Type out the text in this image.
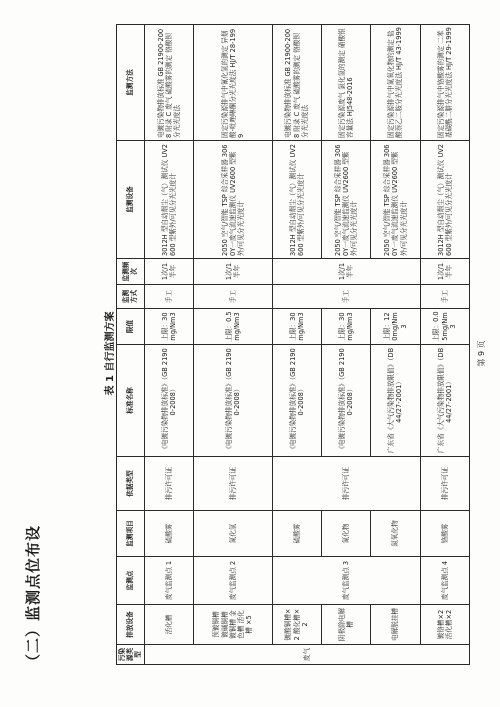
（二）监测点位布设
表 1 自行监测方案
污染源类型	排放设备	监测点	监测项目	依据类型	标准名称	限值	监测方式	监测频次	监测设备	监测方法
废气	活化槽	废气监测点 1	硫酸雾	排污许可证	《电镀污染物排放标准》（GB 21900-2008）	上限：30mg/Nm3	手工	1次/1半年	3012H 型自动烟尘（气）测试仪 UV2600 型紫外/可见分光光度计	电镀污染物排放标准 GB 21900-2008 附录 C 废气 硫酸雾的测定 铬酸钡分光光度法
	预镀铜槽 镀碱铜槽 镀铜槽 金色槽 活化槽 ×5	废气监测点 2	氮化氢	排污许可证	《电镀污染物排放标准》（GB 21900-2008）	上限：0.5mg/Nm3	手工	1次/1半年	2050 空气/智能 TSP 综合采样器 3060Y一废气流速监测仪 UV2600 型紫外/可见分光光度计	固定污染源排气中氰化氢的测定 异烟酸-吡唑啉酮分光光度法 HJ/T 28-1999
	镀酸铜槽×2 酸化槽×2	废气监测点 3	硫酸雾	排污许可证	《电镀污染物排放标准》（GB 21900-2008）	上限：30mg/Nm3	手工	1次/1半年	3012H 型自动烟尘（气）测试仪 UV2600 型紫外/可见分光光度计	电镀污染物排放标准 GB 21900-2008 附录 C 废气 硫酸雾的测定 铬酸钡分光光度法
	阴极除电解槽		氮化物		《电镀污染物排放标准》（GB 21900-2008）	上限：30mg/Nm3			2050 空气/智能 TSP 综合采样器 3060Y一废气流速监测仪 UV2600 型紫外/可见分光光度计	固定污染源废气 氯化氢的测定 硝酸银容量法 HJ548-2016
	电解脱挂槽		氮氧化物		广东省《大气污染物排放限值》（DB44/27-2001）	上限：120mg/Nm3			2050 空气/智能 TSP 综合采样器 3060Y一废气流速监测仪 UV2600 型紫外/可见分光光度计	固定污染源排气中氮氧化物的测定 盐酸萘乙二胺分光光度法 HJ/T 43-1999
	镀铬槽×2 活化槽×2	废气监测点 4	铬酸雾	排污许可证	广东省《大气污染物排放限值》（DB44/27-2001）	上限：0.05mg/Nm3	手工	1次/1半年	3012H 型自动烟尘（气）测试仪 UV2600 型紫外/可见分光光度计	固定污染源排气中铬酸雾的测定 二苯基碳酰二肼分光光度法 HJ/T 29-1999
第 9 页
